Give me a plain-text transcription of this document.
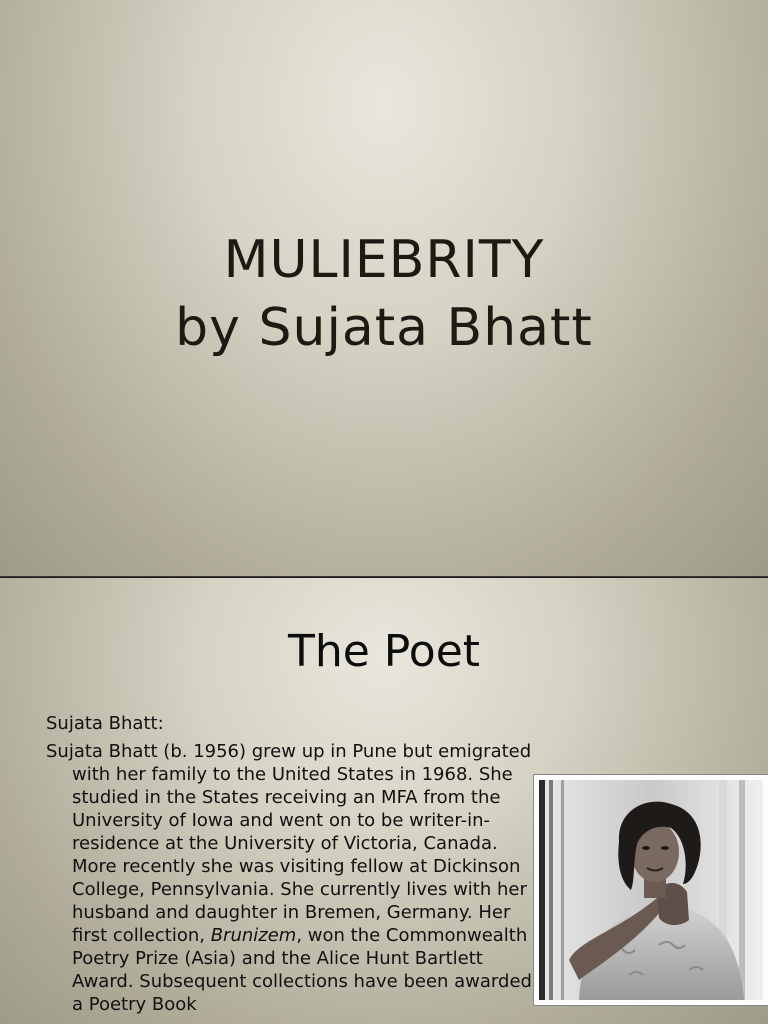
MULIEBRITY
by Sujata Bhatt
The Poet
Sujata Bhatt:
Sujata Bhatt (b. 1956) grew up in Pune but emigrated with her family to the United States in 1968. She studied in the States receiving an MFA from the University of Iowa and went on to be writer-in-residence at the University of Victoria, Canada. More recently she was visiting fellow at Dickinson College, Pennsylvania. She currently lives with her husband and daughter in Bremen, Germany. Her first collection, Brunizem, won the Commonwealth Poetry Prize (Asia) and the Alice Hunt Bartlett Award. Subsequent collections have been awarded a Poetry Book
